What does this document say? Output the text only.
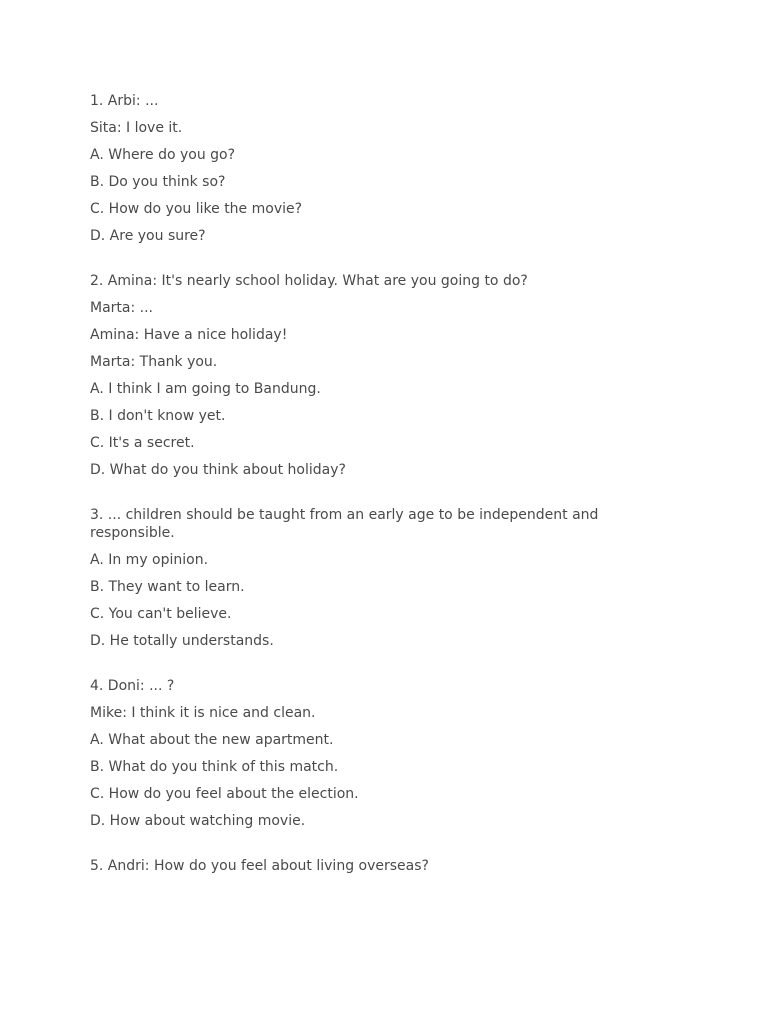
1. Arbi: ...
Sita: I love it.
A. Where do you go?
B. Do you think so?
C. How do you like the movie?
D. Are you sure?
2. Amina: It's nearly school holiday. What are you going to do?
Marta: ...
Amina: Have a nice holiday!
Marta: Thank you.
A. I think I am going to Bandung.
B. I don't know yet.
C. It's a secret.
D. What do you think about holiday?
3. ... children should be taught from an early age to be independent and responsible.
A. In my opinion.
B. They want to learn.
C. You can't believe.
D. He totally understands.
4. Doni: ... ?
Mike: I think it is nice and clean.
A. What about the new apartment.
B. What do you think of this match.
C. How do you feel about the election.
D. How about watching movie.
5. Andri: How do you feel about living overseas?
